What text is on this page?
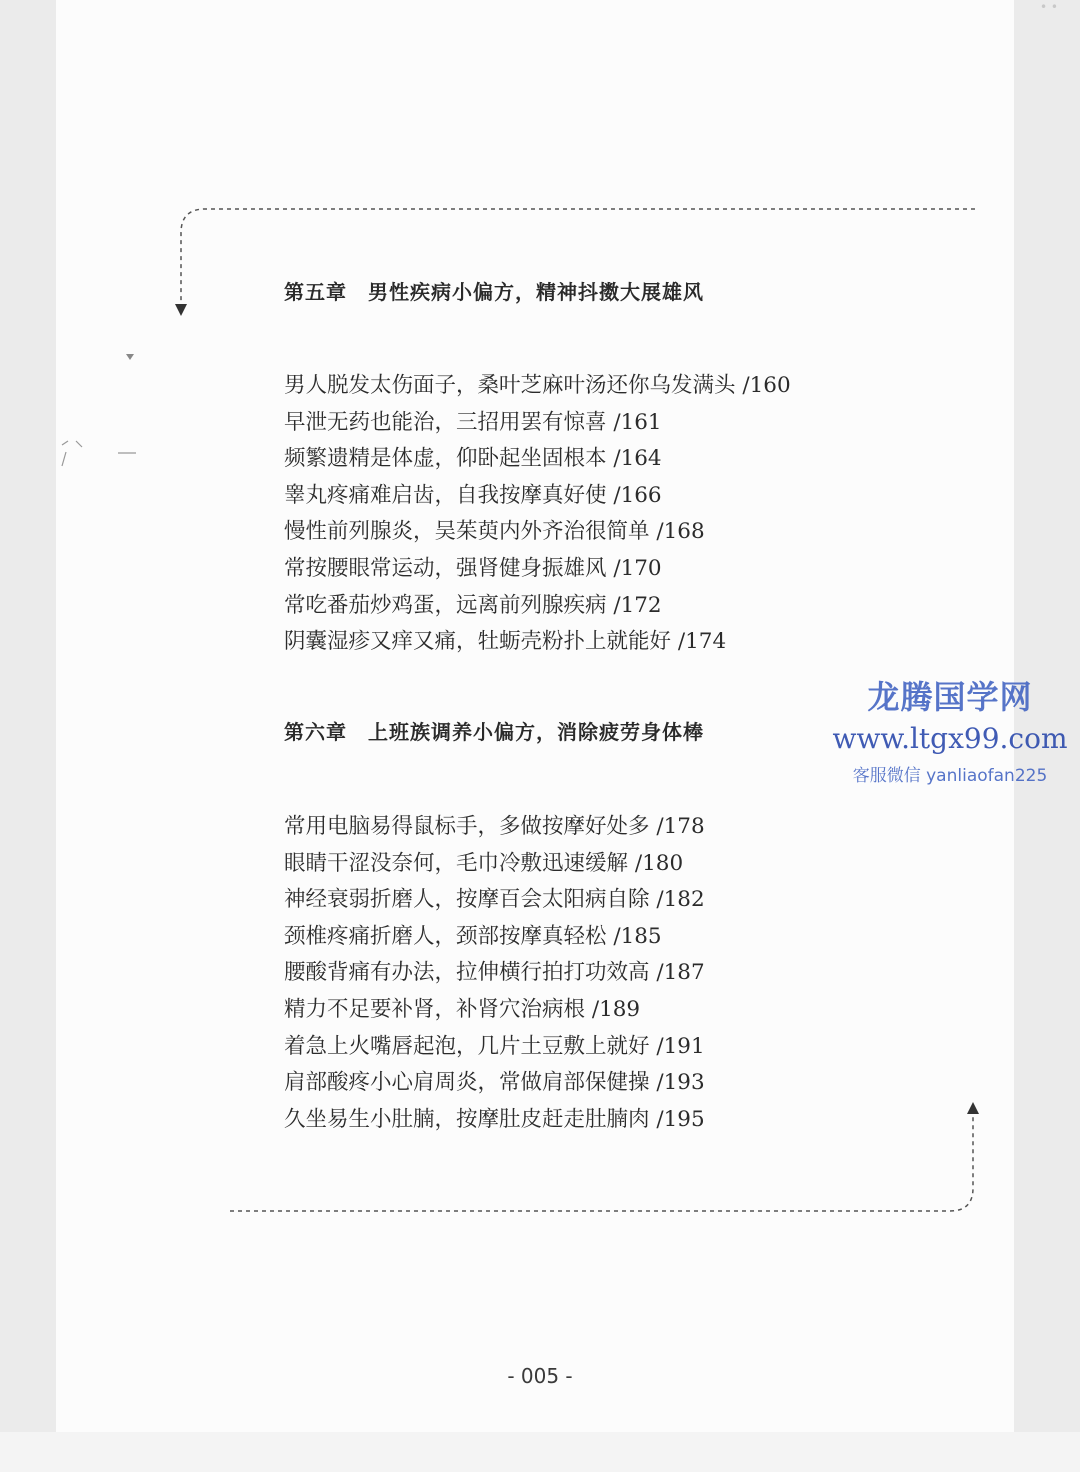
• •
第五章　男性疾病小偏方，精神抖擞大展雄风
男人脱发太伤面子，桑叶芝麻叶汤还你乌发满头 /160
早泄无药也能治，三招用罢有惊喜 /161
频繁遗精是体虚，仰卧起坐固根本 /164
睾丸疼痛难启齿，自我按摩真好使 /166
慢性前列腺炎，吴茱萸内外齐治很简单 /168
常按腰眼常运动，强肾健身振雄风 /170
常吃番茄炒鸡蛋，远离前列腺疾病 /172
阴囊湿疹又痒又痛，牡蛎壳粉扑上就能好 /174
第六章　上班族调养小偏方，消除疲劳身体棒
常用电脑易得鼠标手，多做按摩好处多 /178
眼睛干涩没奈何，毛巾冷敷迅速缓解 /180
神经衰弱折磨人，按摩百会太阳病自除 /182
颈椎疼痛折磨人，颈部按摩真轻松 /185
腰酸背痛有办法，拉伸横行拍打功效高 /187
精力不足要补肾，补肾穴治病根 /189
着急上火嘴唇起泡，几片土豆敷上就好 /191
肩部酸疼小心肩周炎，常做肩部保健操 /193
久坐易生小肚腩，按摩肚皮赶走肚腩肉 /195
龙腾国学网
www.ltgx99.com
客服微信 yanliaofan225
- 005 -
